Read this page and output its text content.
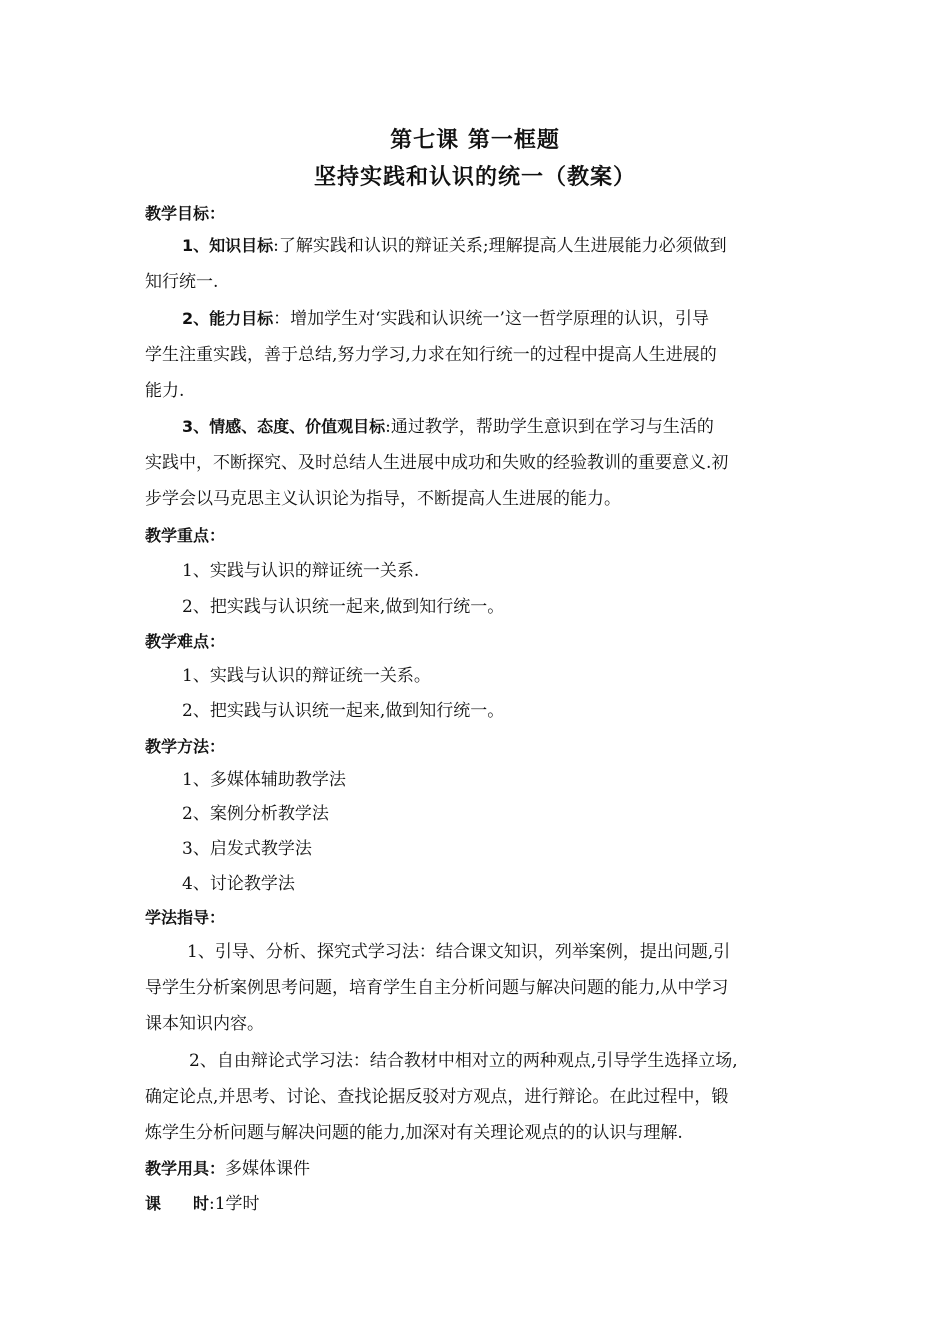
第七课 第一框题
坚持实践和认识的统一（教案）
教学目标：
1、知识目标:了解实践和认识的辩证关系;理解提高人生进展能力必须做到
知行统一.
2、能力目标：增加学生对‘实践和认识统一’这一哲学原理的认识，引导
学生注重实践，善于总结,努力学习,力求在知行统一的过程中提高人生进展的
能力.
3、情感、态度、价值观目标:通过教学，帮助学生意识到在学习与生活的
实践中，不断探究、及时总结人生进展中成功和失败的经验教训的重要意义.初
步学会以马克思主义认识论为指导，不断提高人生进展的能力。
教学重点：
1、实践与认识的辩证统一关系.
2、把实践与认识统一起来,做到知行统一。
教学难点：
1、实践与认识的辩证统一关系。
2、把实践与认识统一起来,做到知行统一。
教学方法：
1、多媒体辅助教学法
2、案例分析教学法
3、启发式教学法
4、讨论教学法
学法指导：
1、引导、分析、探究式学习法：结合课文知识，列举案例，提出问题,引
导学生分析案例思考问题，培育学生自主分析问题与解决问题的能力,从中学习
课本知识内容。
2、自由辩论式学习法：结合教材中相对立的两种观点,引导学生选择立场,
确定论点,并思考、讨论、查找论据反驳对方观点，进行辩论。在此过程中，锻
炼学生分析问题与解决问题的能力,加深对有关理论观点的的认识与理解.
教学用具：多媒体课件
课　　时:1学时
